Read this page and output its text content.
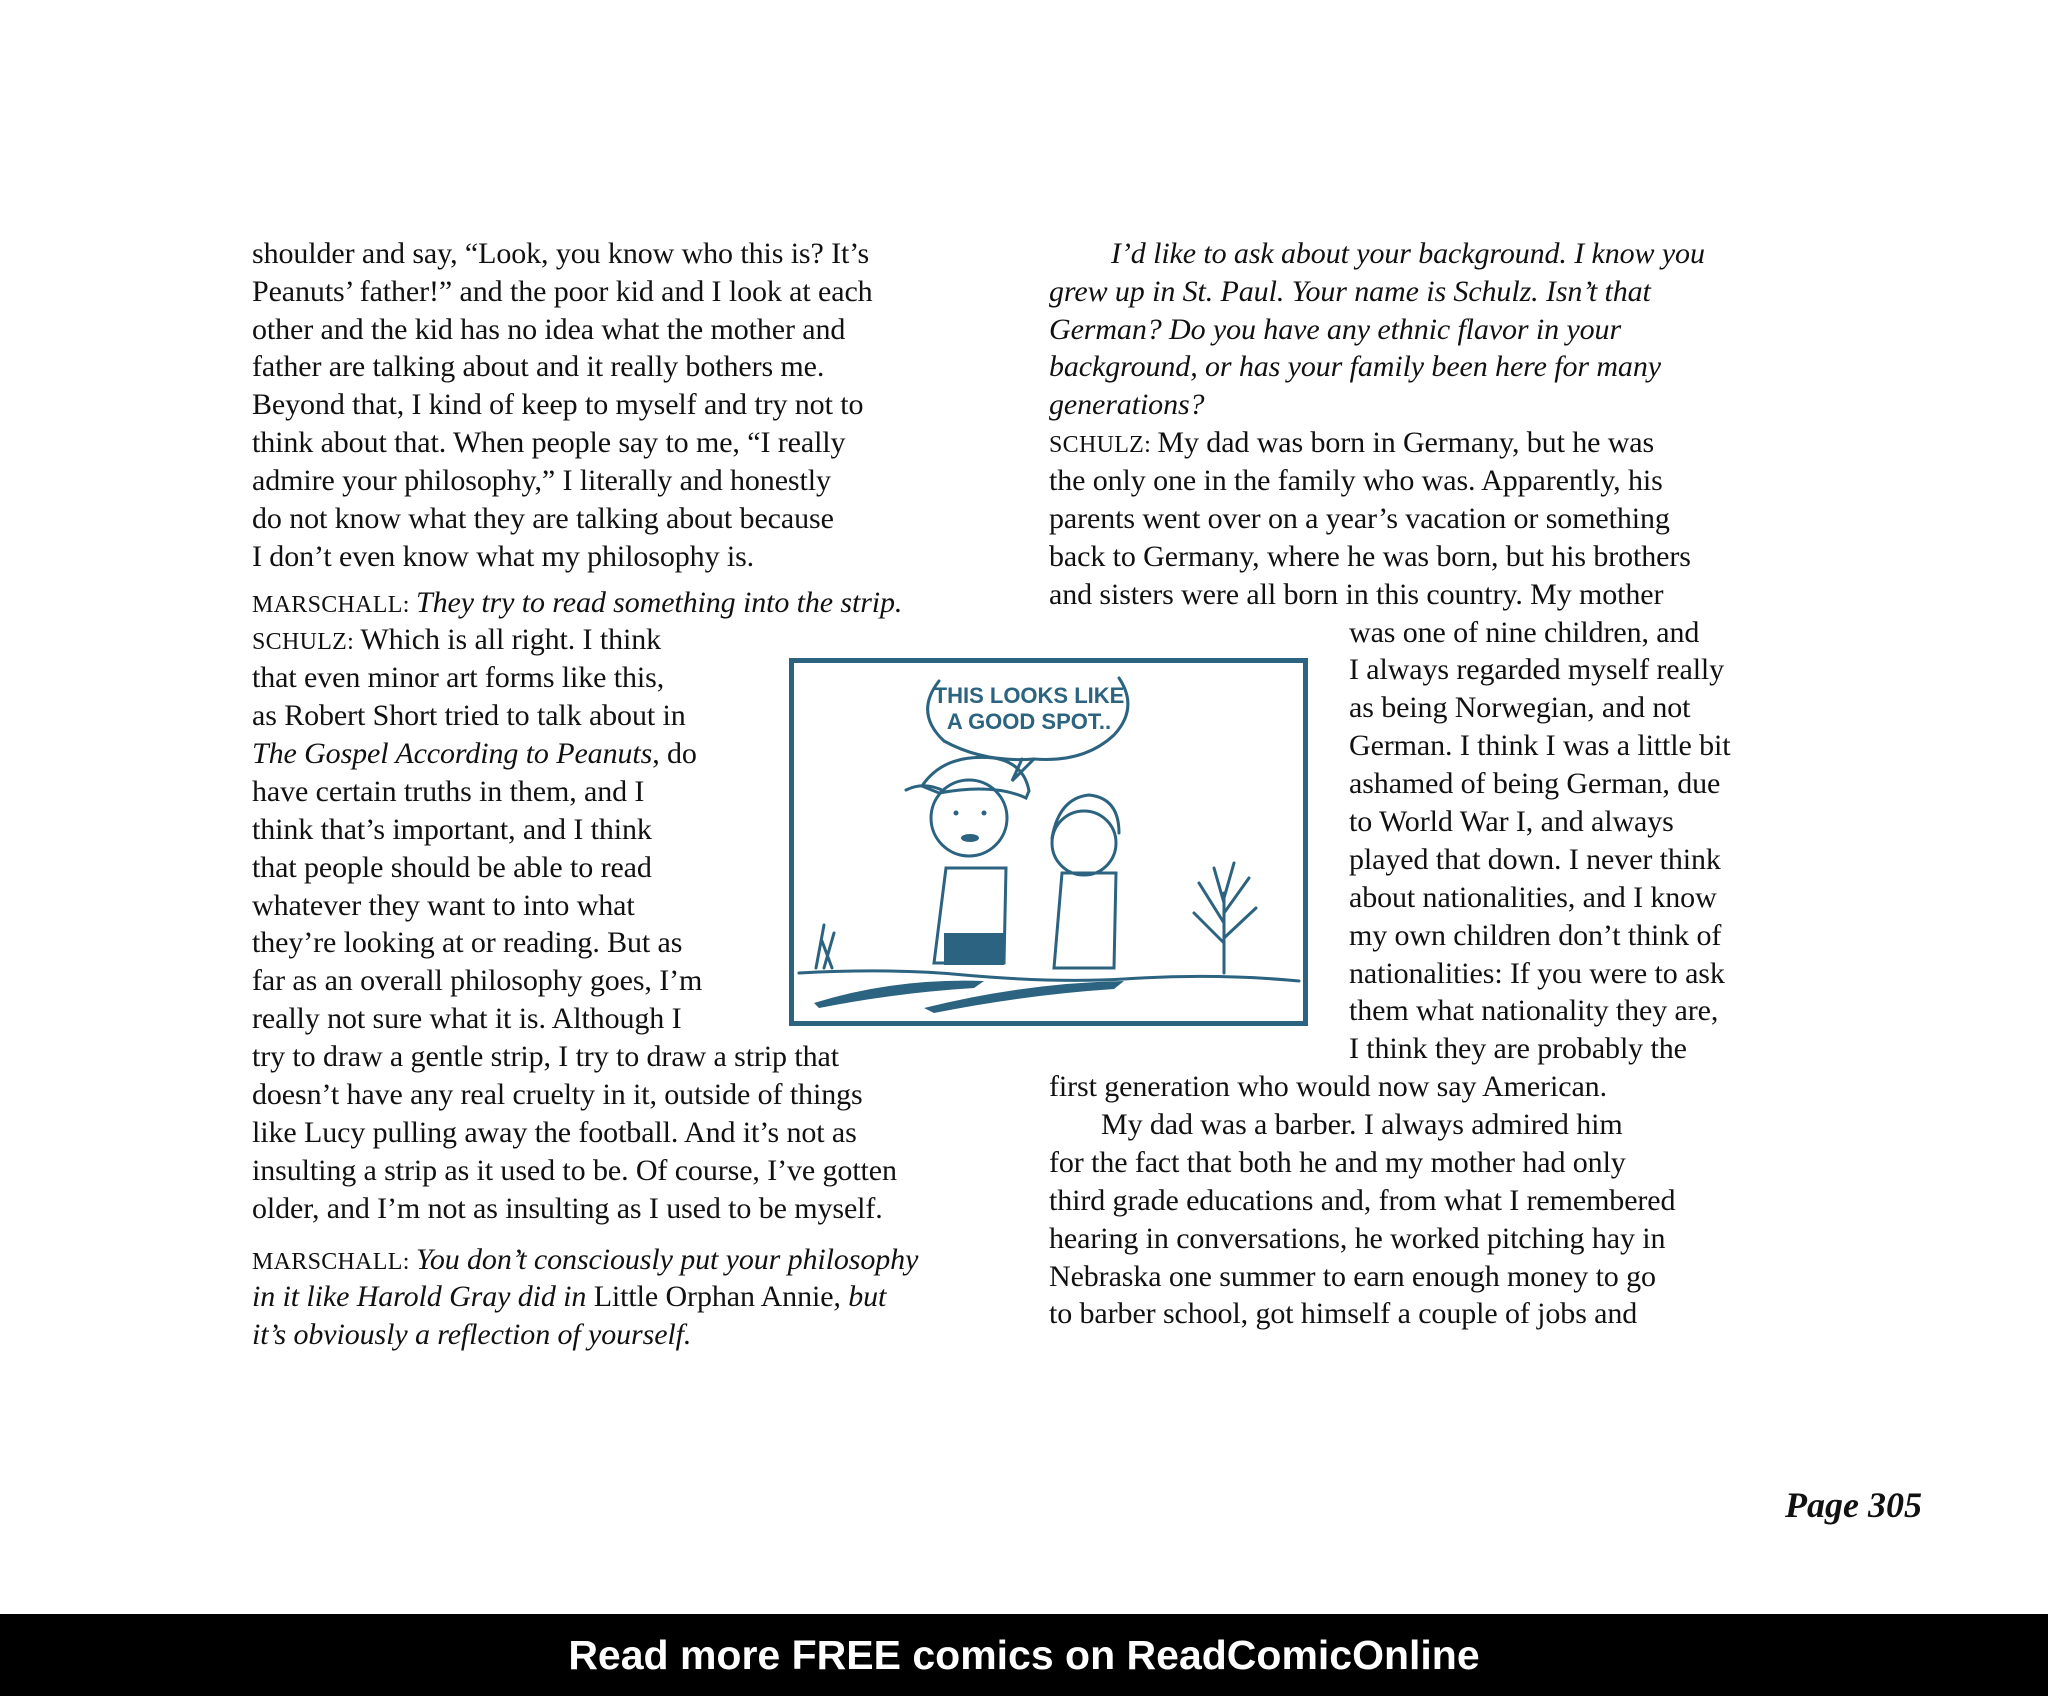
shoulder and say, “Look, you know who this is? It’s
Peanuts’ father!” and the poor kid and I look at each
other and the kid has no idea what the mother and
father are talking about and it really bothers me.
Beyond that, I kind of keep to myself and try not to
think about that. When people say to me, “I really
admire your philosophy,” I literally and honestly
do not know what they are talking about because
I don’t even know what my philosophy is.
MARSCHALL: They try to read something into the strip.
SCHULZ: Which is all right. I think
that even minor art forms like this,
as Robert Short tried to talk about in
The Gospel According to Peanuts, do
have certain truths in them, and I
think that’s important, and I think
that people should be able to read
whatever they want to into what
they’re looking at or reading. But as
far as an overall philosophy goes, I’m
really not sure what it is. Although I
try to draw a gentle strip, I try to draw a strip that
doesn’t have any real cruelty in it, outside of things
like Lucy pulling away the football. And it’s not as
insulting a strip as it used to be. Of course, I’ve gotten
older, and I’m not as insulting as I used to be myself.
MARSCHALL: You don’t consciously put your philosophy
in it like Harold Gray did in Little Orphan Annie, but
it’s obviously a reflection of yourself.
I’d like to ask about your background. I know you
grew up in St. Paul. Your name is Schulz. Isn’t that
German? Do you have any ethnic flavor in your
background, or has your family been here for many
generations?
SCHULZ: My dad was born in Germany, but he was
the only one in the family who was. Apparently, his
parents went over on a year’s vacation or something
back to Germany, where he was born, but his brothers
and sisters were all born in this country. My mother
was one of nine children, and
I always regarded myself really
as being Norwegian, and not
German. I think I was a little bit
ashamed of being German, due
to World War I, and always
played that down. I never think
about nationalities, and I know
my own children don’t think of
nationalities: If you were to ask
them what nationality they are,
I think they are probably the
first generation who would now say American.
My dad was a barber. I always admired him
for the fact that both he and my mother had only
third grade educations and, from what I remembered
hearing in conversations, he worked pitching hay in
Nebraska one summer to earn enough money to go
to barber school, got himself a couple of jobs and
THIS LOOKS LIKE
A GOOD SPOT..
Page 305
Read more FREE comics on ReadComicOnline
